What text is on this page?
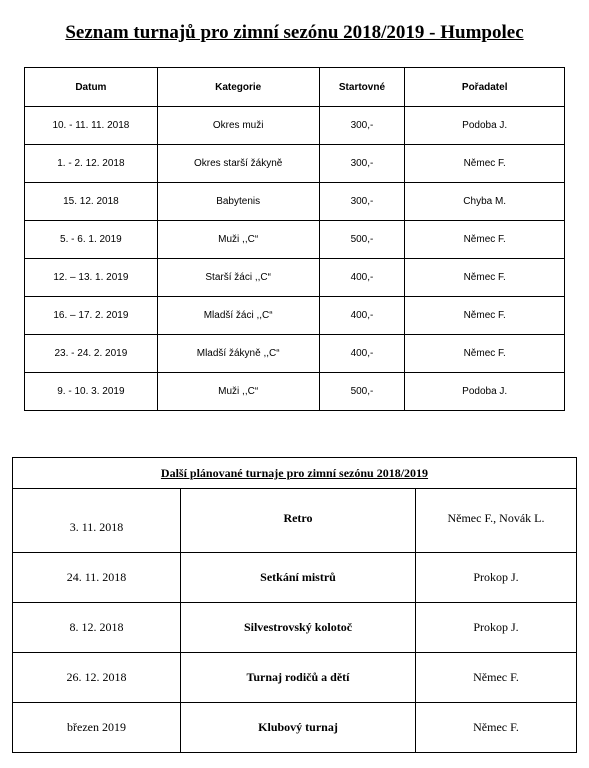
Seznam turnajů pro zimní sezónu 2018/2019 - Humpolec
Datum	Kategorie	Startovné	Pořadatel
10. - 11. 11. 2018	Okres muži	300,-	Podoba J.
1. - 2. 12. 2018	Okres starší žákyně	300,-	Němec F.
15. 12. 2018	Babytenis	300,-	Chyba M.
5. - 6. 1. 2019	Muži ,,C“	500,-	Němec F.
12. – 13. 1. 2019	Starší žáci ,,C“	400,-	Němec F.
16. – 17. 2. 2019	Mladší žáci ,,C“	400,-	Němec F.
23. - 24. 2. 2019	Mladší žákyně ,,C“	400,-	Němec F.
9. - 10. 3. 2019	Muži ,,C“	500,-	Podoba J.
Další plánované turnaje pro zimní sezónu 2018/2019		
3. 11. 2018	Retro	Němec F., Novák L.
24. 11. 2018	Setkání mistrů	Prokop J.
8. 12. 2018	Silvestrovský kolotoč	Prokop J.
26. 12. 2018	Turnaj rodičů a dětí	Němec F.
březen 2019	Klubový turnaj	Němec F.
